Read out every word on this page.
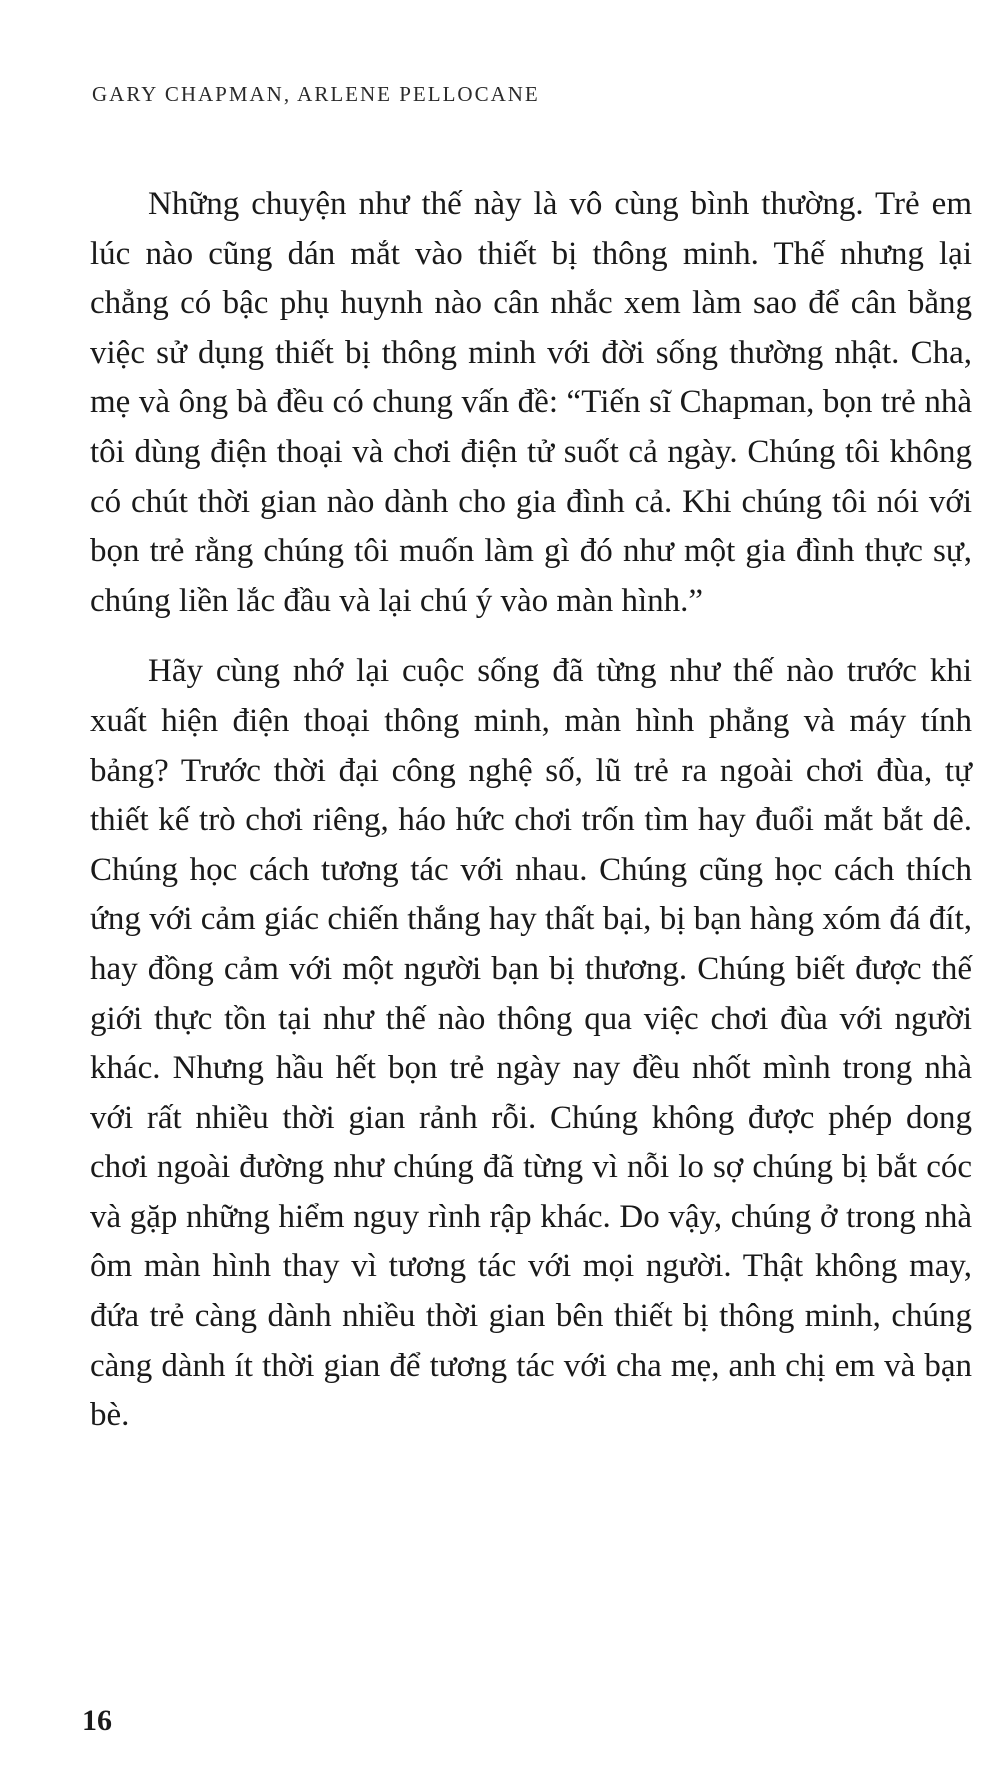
GARY CHAPMAN, ARLENE PELLOCANE

Những chuyện như thế này là vô cùng bình thường. Trẻ em lúc nào cũng dán mắt vào thiết bị thông minh. Thế nhưng lại chẳng có bậc phụ huynh nào cân nhắc xem làm sao để cân bằng việc sử dụng thiết bị thông minh với đời sống thường nhật. Cha, mẹ và ông bà đều có chung vấn đề: “Tiến sĩ Chapman, bọn trẻ nhà tôi dùng điện thoại và chơi điện tử suốt cả ngày. Chúng tôi không có chút thời gian nào dành cho gia đình cả. Khi chúng tôi nói với bọn trẻ rằng chúng tôi muốn làm gì đó như một gia đình thực sự, chúng liền lắc đầu và lại chú ý vào màn hình.”

Hãy cùng nhớ lại cuộc sống đã từng như thế nào trước khi xuất hiện điện thoại thông minh, màn hình phẳng và máy tính bảng? Trước thời đại công nghệ số, lũ trẻ ra ngoài chơi đùa, tự thiết kế trò chơi riêng, háo hức chơi trốn tìm hay đuổi mắt bắt dê. Chúng học cách tương tác với nhau. Chúng cũng học cách thích ứng với cảm giác chiến thắng hay thất bại, bị bạn hàng xóm đá đít, hay đồng cảm với một người bạn bị thương. Chúng biết được thế giới thực tồn tại như thế nào thông qua việc chơi đùa với người khác. Nhưng hầu hết bọn trẻ ngày nay đều nhốt mình trong nhà với rất nhiều thời gian rảnh rỗi. Chúng không được phép dong chơi ngoài đường như chúng đã từng vì nỗi lo sợ chúng bị bắt cóc và gặp những hiểm nguy rình rập khác. Do vậy, chúng ở trong nhà ôm màn hình thay vì tương tác với mọi người. Thật không may, đứa trẻ càng dành nhiều thời gian bên thiết bị thông minh, chúng càng dành ít thời gian để tương tác với cha mẹ, anh chị em và bạn bè.

16
